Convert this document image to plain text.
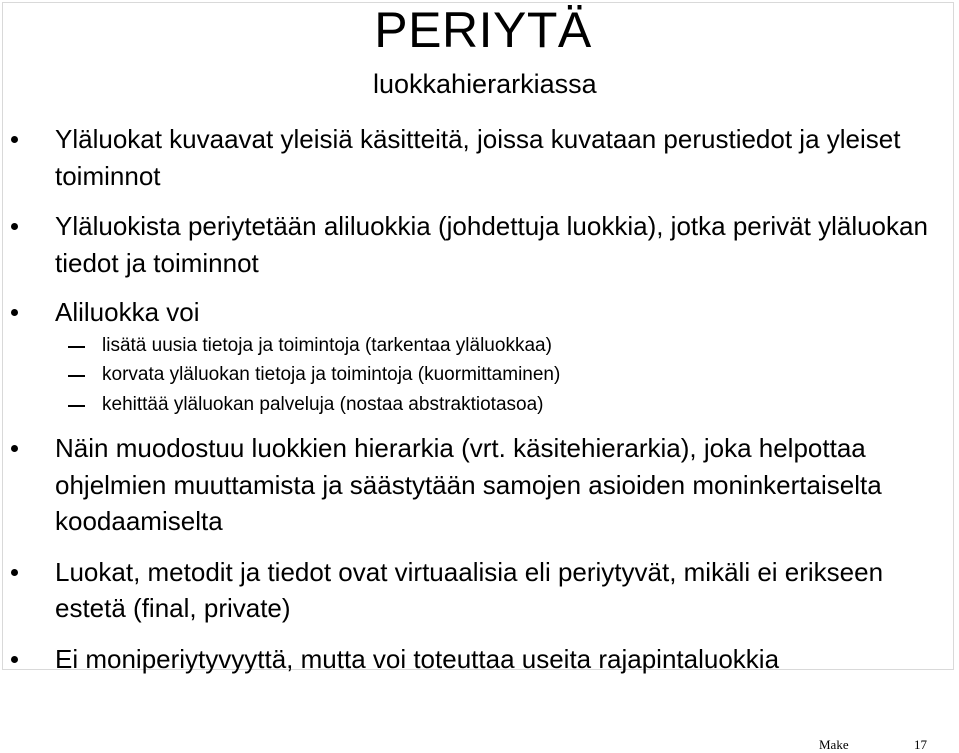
PERIYTÄ
luokkahierarkiassa
Yläluokat kuvaavat yleisiä käsitteitä, joissa kuvataan perustiedot ja yleiset toiminnot
Yläluokista periytetään aliluokkia (johdettuja luokkia), jotka perivät yläluokan tiedot ja toiminnot
Aliluokka voi
lisätä uusia tietoja ja toimintoja (tarkentaa yläluokkaa)
korvata yläluokan tietoja ja toimintoja (kuormittaminen)
kehittää yläluokan palveluja (nostaa abstraktiotasoa)
Näin muodostuu luokkien hierarkia (vrt. käsitehierarkia), joka helpottaa ohjelmien muuttamista ja säästytään samojen asioiden moninkertaiselta koodaamiselta
Luokat, metodit ja tiedot ovat virtuaalisia eli periytyvät, mikäli ei erikseen estetä (final, private)
Ei moniperiytyvyyttä, mutta voi toteuttaa useita rajapintaluokkia
Make	17
